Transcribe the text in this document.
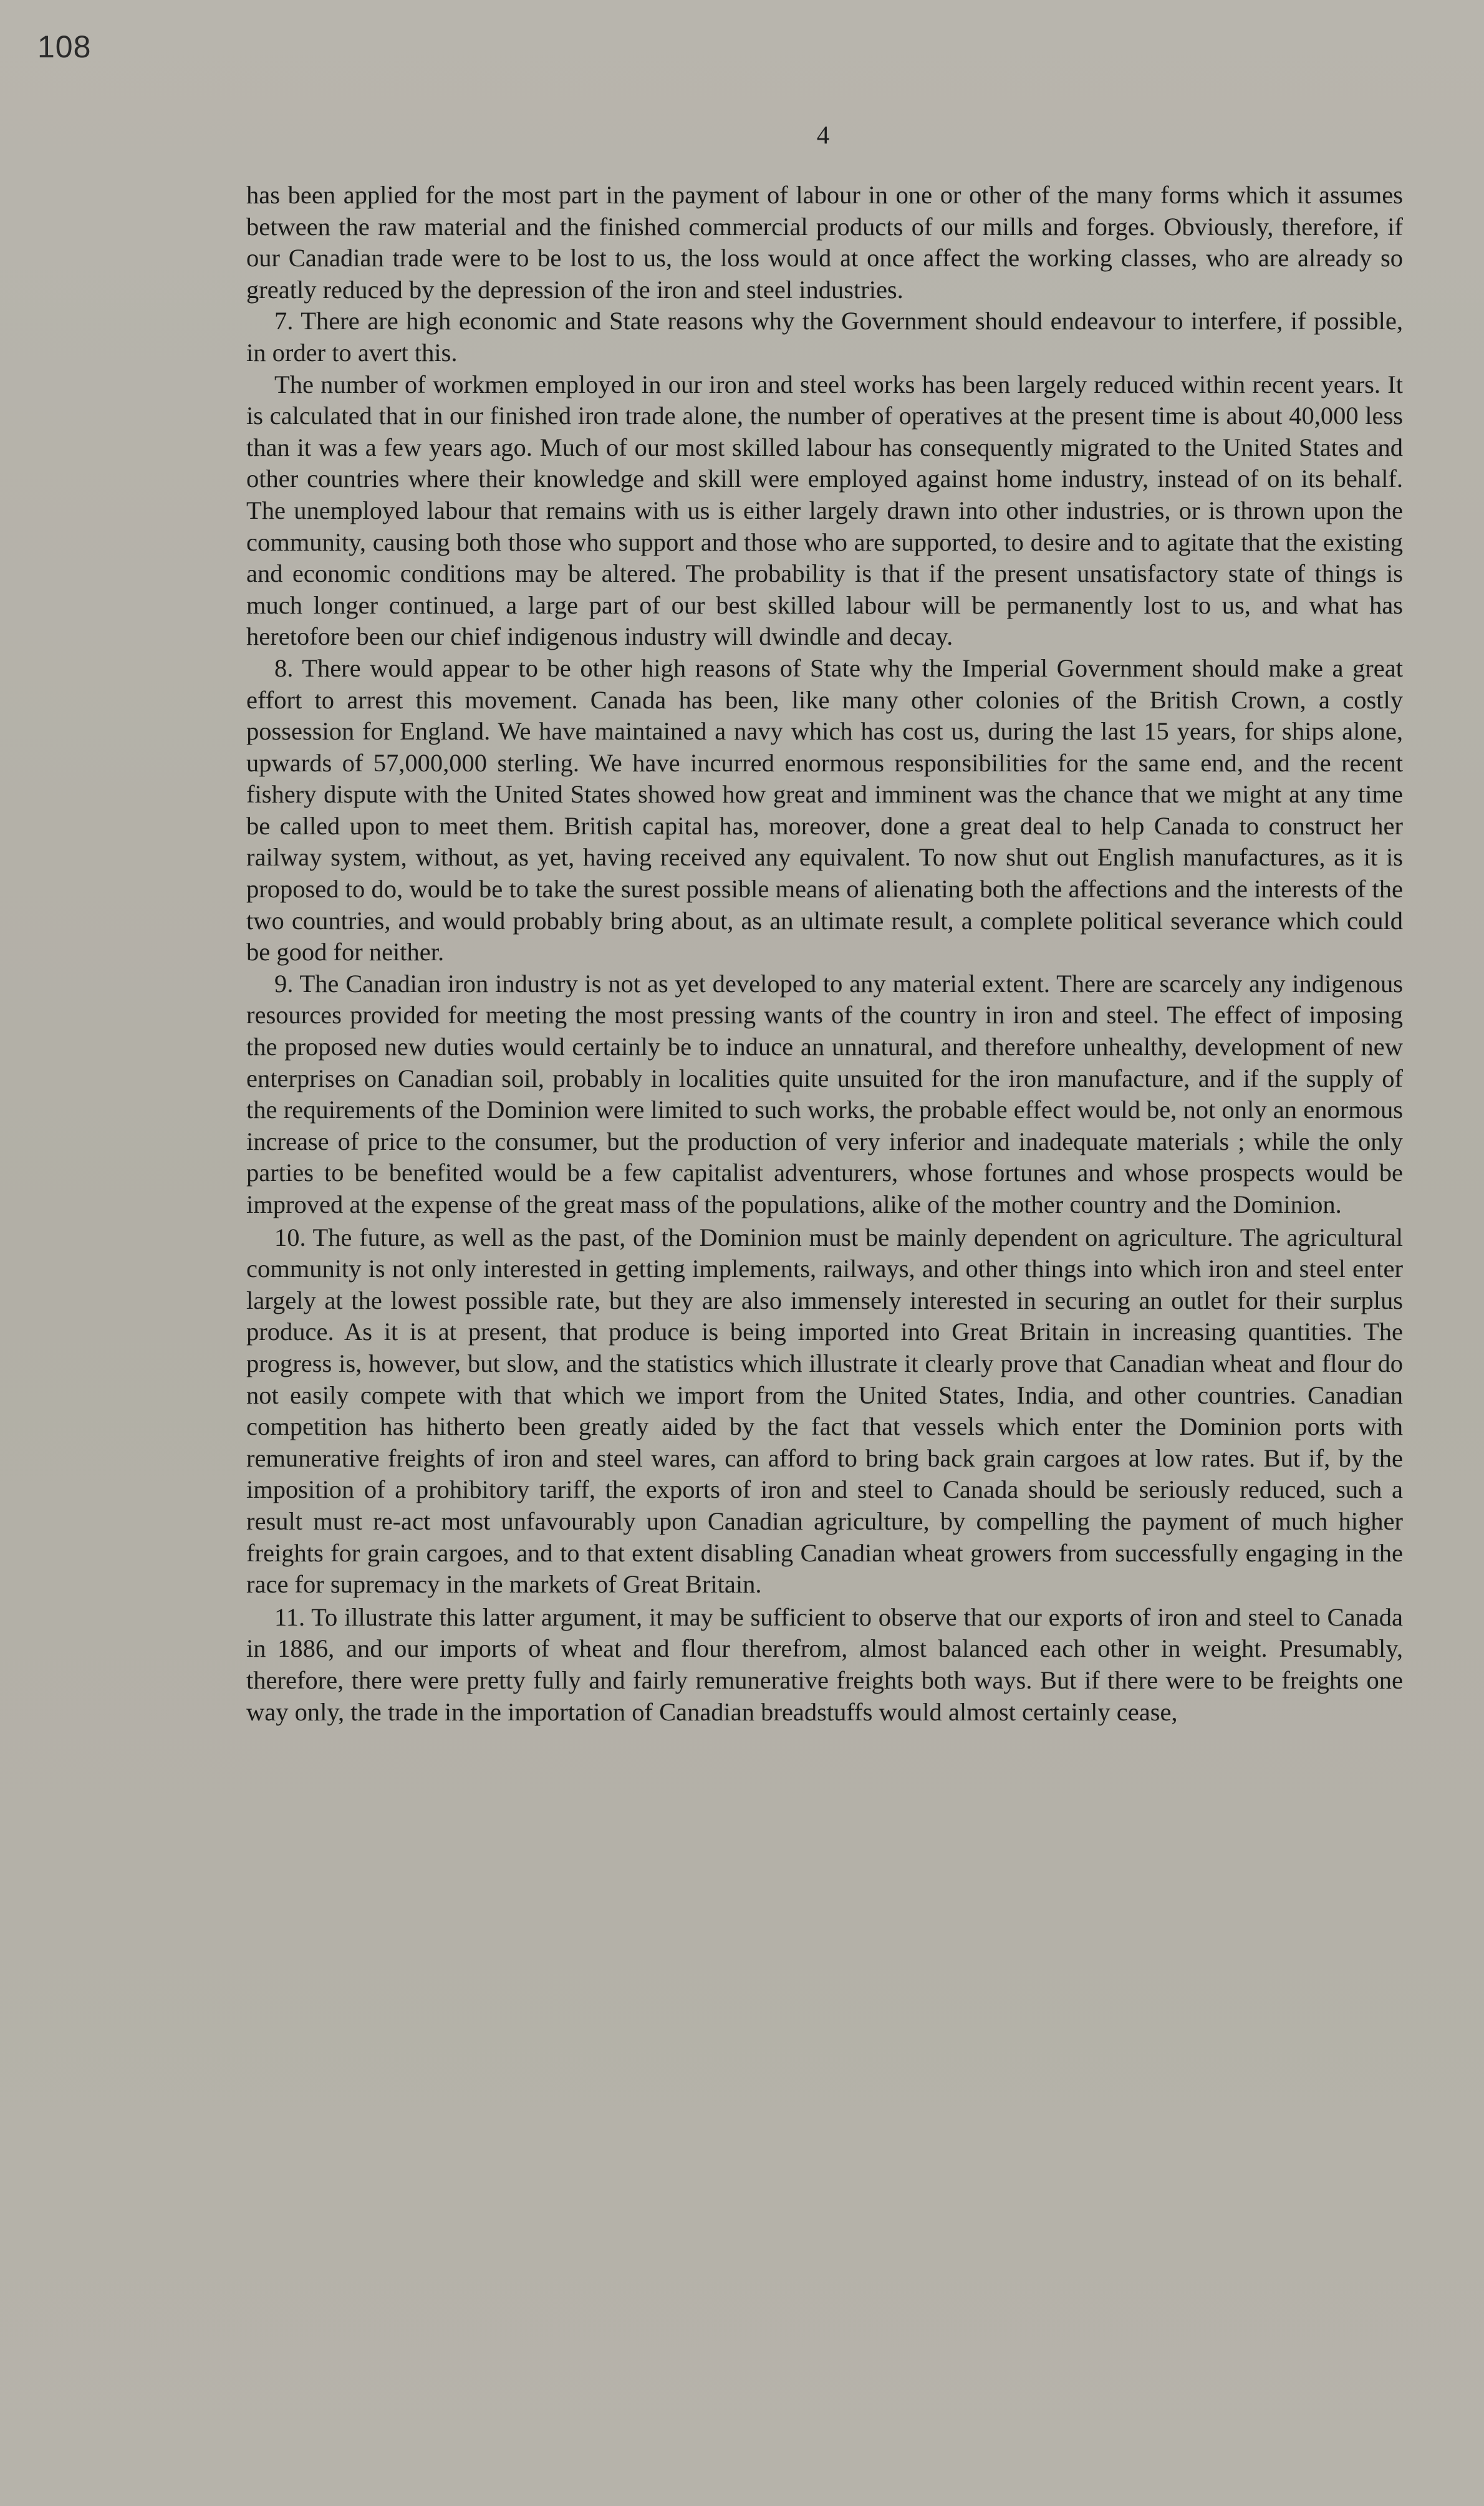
108
4

has been applied for the most part in the payment of labour in one or other of the many forms which it assumes between the raw material and the finished commercial products of our mills and forges. Obviously, therefore, if our Canadian trade were to be lost to us, the loss would at once affect the working classes, who are already so greatly reduced by the depression of the iron and steel industries.

7. There are high economic and State reasons why the Government should endeavour to interfere, if possible, in order to avert this.

The number of workmen employed in our iron and steel works has been largely reduced within recent years. It is calculated that in our finished iron trade alone, the number of operatives at the present time is about 40,000 less than it was a few years ago. Much of our most skilled labour has consequently migrated to the United States and other countries where their knowledge and skill were employed against home industry, instead of on its behalf. The unemployed labour that remains with us is either largely drawn into other industries, or is thrown upon the community, causing both those who support and those who are supported, to desire and to agitate that the existing and economic conditions may be altered. The probability is that if the present unsatisfactory state of things is much longer continued, a large part of our best skilled labour will be permanently lost to us, and what has heretofore been our chief indigenous industry will dwindle and decay.

8. There would appear to be other high reasons of State why the Imperial Government should make a great effort to arrest this movement. Canada has been, like many other colonies of the British Crown, a costly possession for England. We have maintained a navy which has cost us, during the last 15 years, for ships alone, upwards of 57,000,000 sterling. We have incurred enormous responsibilities for the same end, and the recent fishery dispute with the United States showed how great and imminent was the chance that we might at any time be called upon to meet them. British capital has, moreover, done a great deal to help Canada to construct her railway system, without, as yet, having received any equivalent. To now shut out English manufactures, as it is proposed to do, would be to take the surest possible means of alienating both the affections and the interests of the two countries, and would probably bring about, as an ultimate result, a complete political severance which could be good for neither.

9. The Canadian iron industry is not as yet developed to any material extent. There are scarcely any indigenous resources provided for meeting the most pressing wants of the country in iron and steel. The effect of imposing the proposed new duties would certainly be to induce an unnatural, and therefore unhealthy, development of new enterprises on Canadian soil, probably in localities quite unsuited for the iron manufacture, and if the supply of the requirements of the Dominion were limited to such works, the probable effect would be, not only an enormous increase of price to the consumer, but the production of very inferior and inadequate materials ; while the only parties to be benefited would be a few capitalist adventurers, whose fortunes and whose prospects would be improved at the expense of the great mass of the populations, alike of the mother country and the Dominion.

10. The future, as well as the past, of the Dominion must be mainly dependent on agriculture. The agricultural community is not only interested in getting implements, railways, and other things into which iron and steel enter largely at the lowest possible rate, but they are also immensely interested in securing an outlet for their surplus produce. As it is at present, that produce is being imported into Great Britain in increasing quantities. The progress is, however, but slow, and the statistics which illustrate it clearly prove that Canadian wheat and flour do not easily compete with that which we import from the United States, India, and other countries. Canadian competition has hitherto been greatly aided by the fact that vessels which enter the Dominion ports with remunerative freights of iron and steel wares, can afford to bring back grain cargoes at low rates. But if, by the imposition of a prohibitory tariff, the exports of iron and steel to Canada should be seriously reduced, such a result must re-act most unfavourably upon Canadian agriculture, by compelling the payment of much higher freights for grain cargoes, and to that extent disabling Canadian wheat growers from successfully engaging in the race for supremacy in the markets of Great Britain.

11. To illustrate this latter argument, it may be sufficient to observe that our exports of iron and steel to Canada in 1886, and our imports of wheat and flour therefrom, almost balanced each other in weight. Presumably, therefore, there were pretty fully and fairly remunerative freights both ways. But if there were to be freights one way only, the trade in the importation of Canadian breadstuffs would almost certainly cease,
